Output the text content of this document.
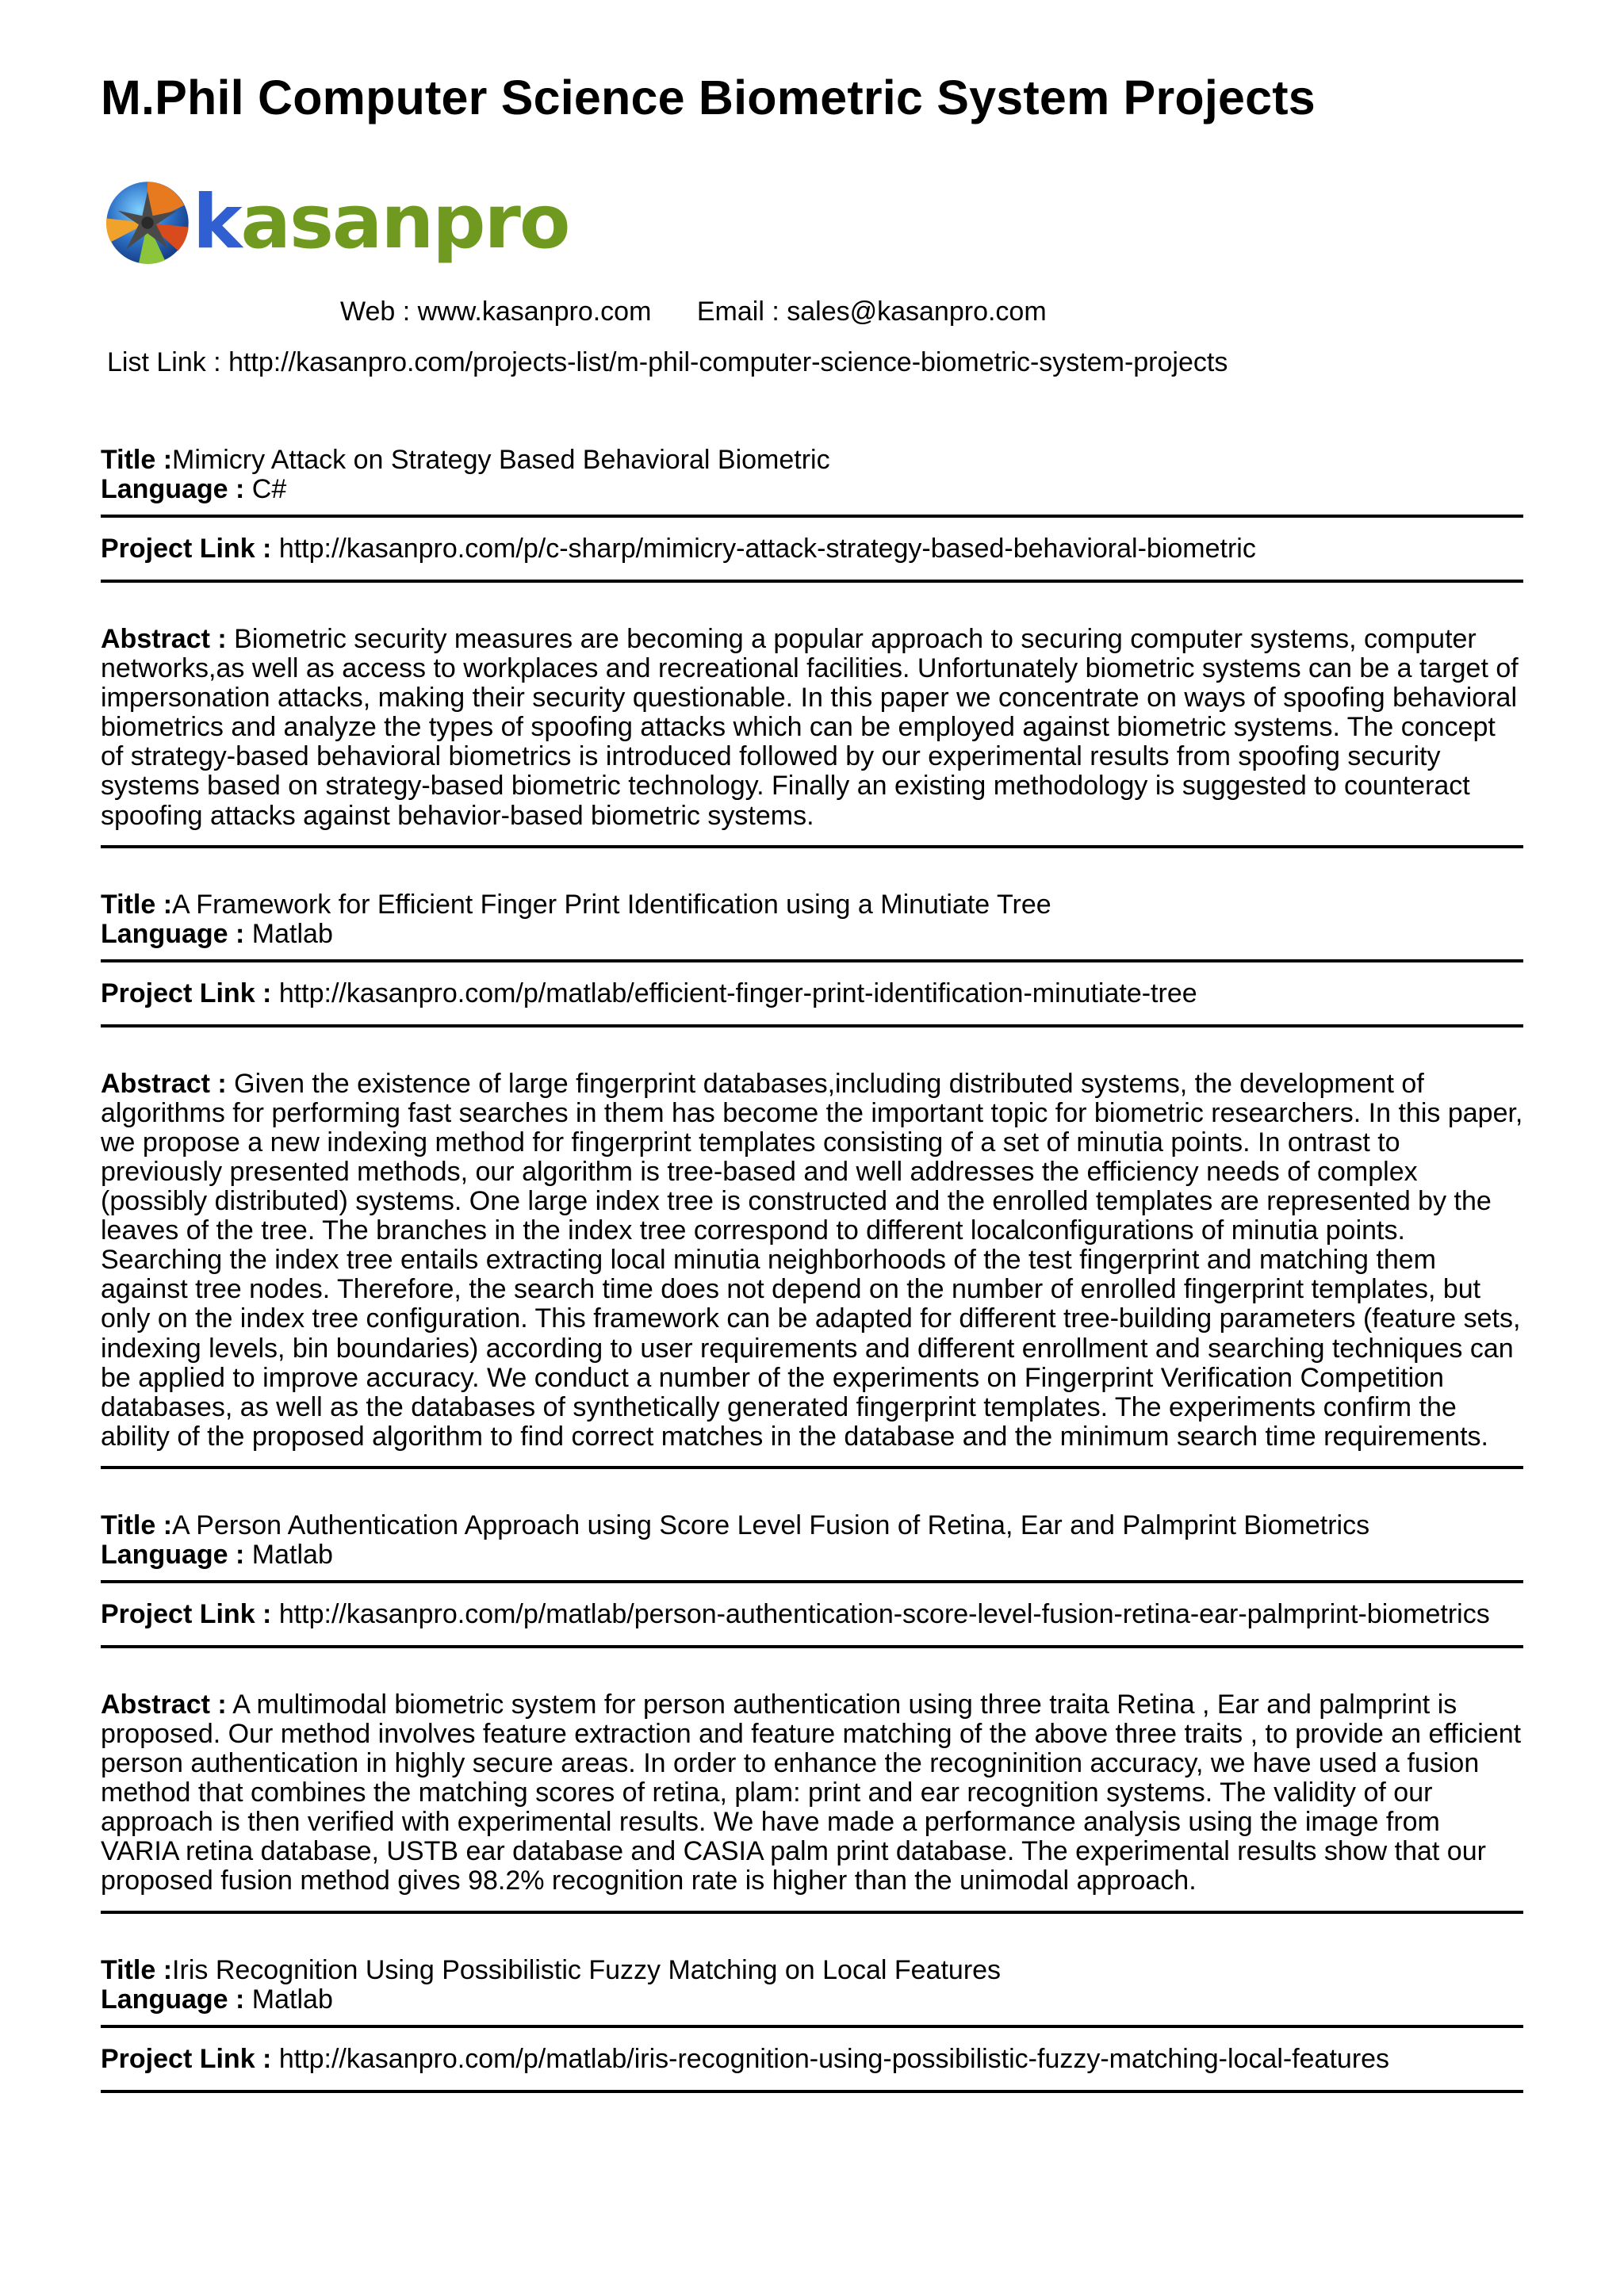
M.Phil Computer Science Biometric System Projects
kasanpro
Web : www.kasanpro.com Email : sales@kasanpro.com
List Link : http://kasanpro.com/projects-list/m-phil-computer-science-biometric-system-projects
Title :Mimicry Attack on Strategy Based Behavioral Biometric
Language : C#
Project Link : http://kasanpro.com/p/c-sharp/mimicry-attack-strategy-based-behavioral-biometric
Abstract : Biometric security measures are becoming a popular approach to securing computer systems, computer networks,as well as access to workplaces and recreational facilities. Unfortunately biometric systems can be a target of impersonation attacks, making their security questionable. In this paper we concentrate on ways of spoofing behavioral biometrics and analyze the types of spoofing attacks which can be employed against biometric systems. The concept of strategy-based behavioral biometrics is introduced followed by our experimental results from spoofing security systems based on strategy-based biometric technology. Finally an existing methodology is suggested to counteract spoofing attacks against behavior-based biometric systems.
Title :A Framework for Efficient Finger Print Identification using a Minutiate Tree
Language : Matlab
Project Link : http://kasanpro.com/p/matlab/efficient-finger-print-identification-minutiate-tree
Abstract : Given the existence of large fingerprint databases,including distributed systems, the development of algorithms for performing fast searches in them has become the important topic for biometric researchers. In this paper, we propose a new indexing method for fingerprint templates consisting of a set of minutia points. In ontrast to previously presented methods, our algorithm is tree-based and well addresses the efficiency needs of complex (possibly distributed) systems. One large index tree is constructed and the enrolled templates are represented by the leaves of the tree. The branches in the index tree correspond to different localconfigurations of minutia points. Searching the index tree entails extracting local minutia neighborhoods of the test fingerprint and matching them against tree nodes. Therefore, the search time does not depend on the number of enrolled fingerprint templates, but only on the index tree configuration. This framework can be adapted for different tree-building parameters (feature sets, indexing levels, bin boundaries) according to user requirements and different enrollment and searching techniques can be applied to improve accuracy. We conduct a number of the experiments on Fingerprint Verification Competition databases, as well as the databases of synthetically generated fingerprint templates. The experiments confirm the ability of the proposed algorithm to find correct matches in the database and the minimum search time requirements.
Title :A Person Authentication Approach using Score Level Fusion of Retina, Ear and Palmprint Biometrics
Language : Matlab
Project Link : http://kasanpro.com/p/matlab/person-authentication-score-level-fusion-retina-ear-palmprint-biometrics
Abstract : A multimodal biometric system for person authentication using three traita Retina , Ear and palmprint is proposed. Our method involves feature extraction and feature matching of the above three traits , to provide an efficient person authentication in highly secure areas. In order to enhance the recogninition accuracy, we have used a fusion method that combines the matching scores of retina, plam: print and ear recognition systems. The validity of our approach is then verified with experimental results. We have made a performance analysis using the image from VARIA retina database, USTB ear database and CASIA palm print database. The experimental results show that our proposed fusion method gives 98.2% recognition rate is higher than the unimodal approach.
Title :Iris Recognition Using Possibilistic Fuzzy Matching on Local Features
Language : Matlab
Project Link : http://kasanpro.com/p/matlab/iris-recognition-using-possibilistic-fuzzy-matching-local-features
